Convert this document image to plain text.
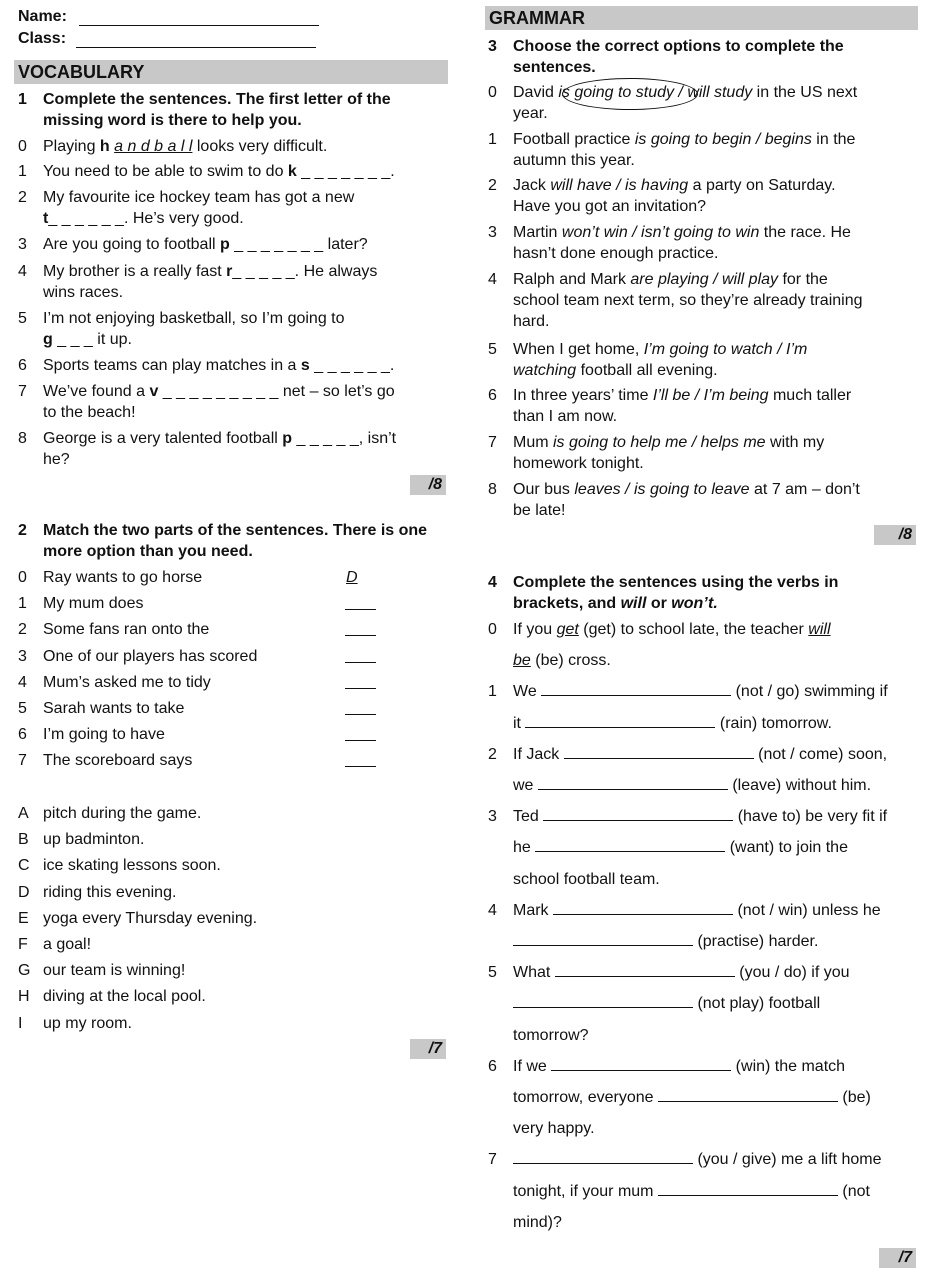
Name:
Class:
VOCABULARY
1	Complete the sentences. The first letter of the missing word is there to help you.
0 Playing h a n d b a l l looks very difficult.
1 You need to be able to swim to do k _ _ _ _ _ _ _.
2 My favourite ice hockey team has got a new
t_ _ _ _ _ _. He’s very good.
3 Are you going to football p _ _ _ _ _ _ _ later?
4 My brother is a really fast r_ _ _ _ _. He always
wins races.
5 I’m not enjoying basketball, so I’m going to
g _ _ _ it up.
6 Sports teams can play matches in a s _ _ _ _ _ _.
7 We’ve found a v _ _ _ _ _ _ _ _ _ net – so let’s go
to the beach!
8 George is a very talented football p _ _ _ _ _, isn’t
he?
/8
2	Match the two parts of the sentences. There is one more option than you need.
0 Ray wants to go horse	D
1 My mum does
2 Some fans ran onto the
3 One of our players has scored
4 Mum’s asked me to tidy
5 Sarah wants to take
6 I’m going to have
7 The scoreboard says
A pitch during the game.
B up badminton.
C ice skating lessons soon.
D riding this evening.
E yoga every Thursday evening.
F a goal!
G our team is winning!
H diving at the local pool.
I up my room.
/7
GRAMMAR
3	Choose the correct options to complete the sentences.
0 David is going to study / will study in the US next
year.
1 Football practice is going to begin / begins in the
autumn this year.
2 Jack will have / is having a party on Saturday.
Have you got an invitation?
3 Martin won’t win / isn’t going to win the race. He
hasn’t done enough practice.
4 Ralph and Mark are playing / will play for the
school team next term, so they’re already training
hard.
5 When I get home, I’m going to watch / I’m
watching football all evening.
6 In three years’ time I’ll be / I’m being much taller
than I am now.
7 Mum is going to help me / helps me with my
homework tonight.
8 Our bus leaves / is going to leave at 7 am – don’t
be late!
/8
4	Complete the sentences using the verbs in brackets, and will or won’t.
0 If you get (get) to school late, the teacher will
be (be) cross.
1 We	(not / go) swimming if
it	(rain) tomorrow.
2 If Jack	(not / come) soon,
we	(leave) without him.
3 Ted	(have to) be very fit if
he	(want) to join the
school football team.
4 Mark	(not / win) unless he
(practise) harder.
5 What	(you / do) if you
(not play) football
tomorrow?
6 If we	(win) the match
tomorrow, everyone	(be)
very happy.
7	(you / give) me a lift home
tonight, if your mum	(not
mind)?
/7
